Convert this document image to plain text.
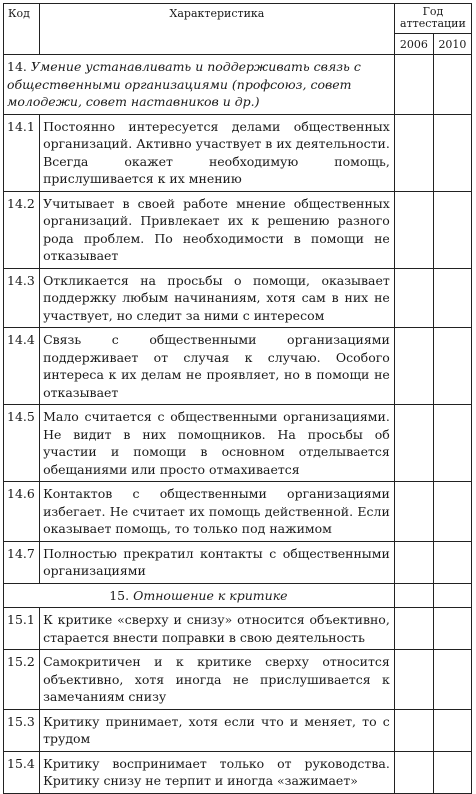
Код	Характеристика	Год
аттестации	
		2006	2010
14. Умение устанавливать и поддерживать связь с общественными организациями (профсоюз, совет молодежи, совет наставников и др.)			
14.1	Постоянно интересуется делами общественных организаций. Активно участвует в их деятельности. Всегда окажет необходимую помощь, прислушивается к их мнению		
14.2	Учитывает в своей работе мнение общественных организаций. Привлекает их к решению разного рода проблем. По необходимости в помощи не отказывает		
14.3	Откликается на просьбы о помощи, оказывает поддержку любым начинаниям, хотя сам в них не участвует, но следит за ними с интересом		
14.4	Связь с общественными организациями поддерживает от случая к случаю. Особого интереса к их делам не проявляет, но в помощи не отказывает		
14.5	Мало считается с общественными организациями. Не видит в них помощников. На просьбы об участии и помощи в основном отделывается обещаниями или просто отмахивается		
14.6	Контактов с общественными организациями избегает. Не считает их помощь действенной. Если оказывает помощь, то только под нажимом		
14.7	Полностью прекратил контакты с общественными организациями		
15. Отношение к критике			
15.1	К критике «сверху и снизу» относится объективно, старается внести поправки в свою деятельность		
15.2	Самокритичен и к критике сверху относится объективно, хотя иногда не прислушивается к замечаниям снизу		
15.3	Критику принимает, хотя если что и меняет, то с трудом		
15.4	Критику воспринимает только от руководства. Критику снизу не терпит и иногда «зажимает»		
